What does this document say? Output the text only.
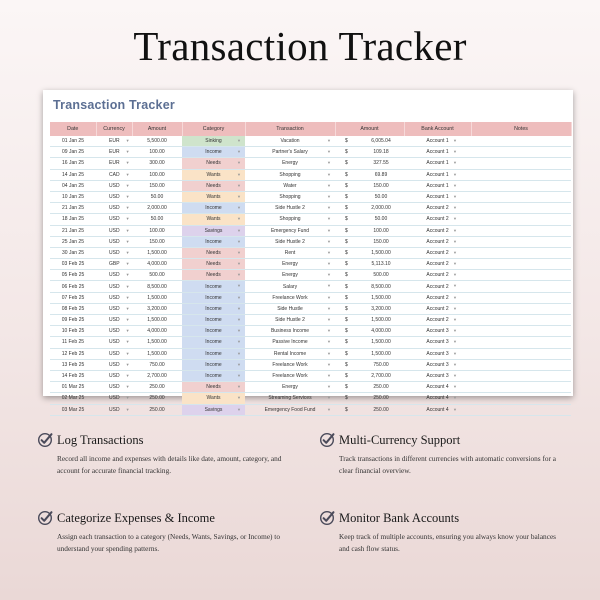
Transaction Tracker
Transaction Tracker
Date	Currency	Amount	Category	Transaction	Amount	Bank Account	Notes
01 Jan 25	EUR ▼	5,500.00	Sinking ▼	Vacation ▼	$ 6,005.04	Account 1 ▼	

09 Jan 25	EUR ▼	100.00	Income ▼	Partner's Salary ▼	$ 109.18	Account 1 ▼	

16 Jan 25	EUR ▼	300.00	Needs ▼	Energy ▼	$ 327.55	Account 1 ▼	

14 Jan 25	CAD ▼	100.00	Wants ▼	Shopping ▼	$ 69.89	Account 1 ▼	

04 Jan 25	USD ▼	150.00	Needs ▼	Water ▼	$ 150.00	Account 1 ▼	

10 Jan 25	USD ▼	50.00	Wants ▼	Shopping ▼	$ 50.00	Account 1 ▼	

21 Jan 25	USD ▼	2,000.00	Income ▼	Side Hustle 2 ▼	$ 2,000.00	Account 2 ▼	

18 Jan 25	USD ▼	50.00	Wants ▼	Shopping ▼	$ 50.00	Account 2 ▼	

21 Jan 25	USD ▼	100.00	Savings ▼	Emergency Fund ▼	$ 100.00	Account 2 ▼	

25 Jan 25	USD ▼	150.00	Income ▼	Side Hustle 2 ▼	$ 150.00	Account 2 ▼	

30 Jan 25	USD ▼	1,500.00	Needs ▼	Rent ▼	$ 1,500.00	Account 2 ▼	

03 Feb 25	GBP ▼	4,000.00	Needs ▼	Energy ▼	$ 5,113.10	Account 2 ▼	

05 Feb 25	USD ▼	500.00	Needs ▼	Energy ▼	$ 500.00	Account 2 ▼	

06 Feb 25	USD ▼	8,500.00	Income ▼	Salary ▼	$ 8,500.00	Account 2 ▼	

07 Feb 25	USD ▼	1,500.00	Income ▼	Freelance Work ▼	$ 1,500.00	Account 2 ▼	

08 Feb 25	USD ▼	3,200.00	Income ▼	Side Hustle ▼	$ 3,200.00	Account 2 ▼	

09 Feb 25	USD ▼	1,500.00	Income ▼	Side Hustle 2 ▼	$ 1,500.00	Account 2 ▼	

10 Feb 25	USD ▼	4,000.00	Income ▼	Business Income ▼	$ 4,000.00	Account 3 ▼	

11 Feb 25	USD ▼	1,500.00	Income ▼	Passive Income ▼	$ 1,500.00	Account 3 ▼	

12 Feb 25	USD ▼	1,500.00	Income ▼	Rental Income ▼	$ 1,500.00	Account 3 ▼	

13 Feb 25	USD ▼	750.00	Income ▼	Freelance Work ▼	$ 750.00	Account 3 ▼	

14 Feb 25	USD ▼	2,700.00	Income ▼	Freelance Work ▼	$ 2,700.00	Account 3 ▼	

01 Mar 25	USD ▼	250.00	Needs ▼	Energy ▼	$ 250.00	Account 4 ▼	

02 Mar 25	USD ▼	250.00	Wants ▼	Streaming Services ▼	$ 250.00	Account 4 ▼	

03 Mar 25	USD ▼	250.00	Savings ▼	Emergency Food Fund ▼	$ 250.00	Account 4 ▼	

Log Transactions
Record all income and expenses with details like date, amount, category, and account for accurate financial tracking.
Multi-Currency Support
Track transactions in different currencies with automatic conversions for a clear financial overview.
Categorize Expenses & Income
Assign each transaction to a category (Needs, Wants, Savings, or Income) to understand your spending patterns.
Monitor Bank Accounts
Keep track of multiple accounts, ensuring you always know your balances and cash flow status.
